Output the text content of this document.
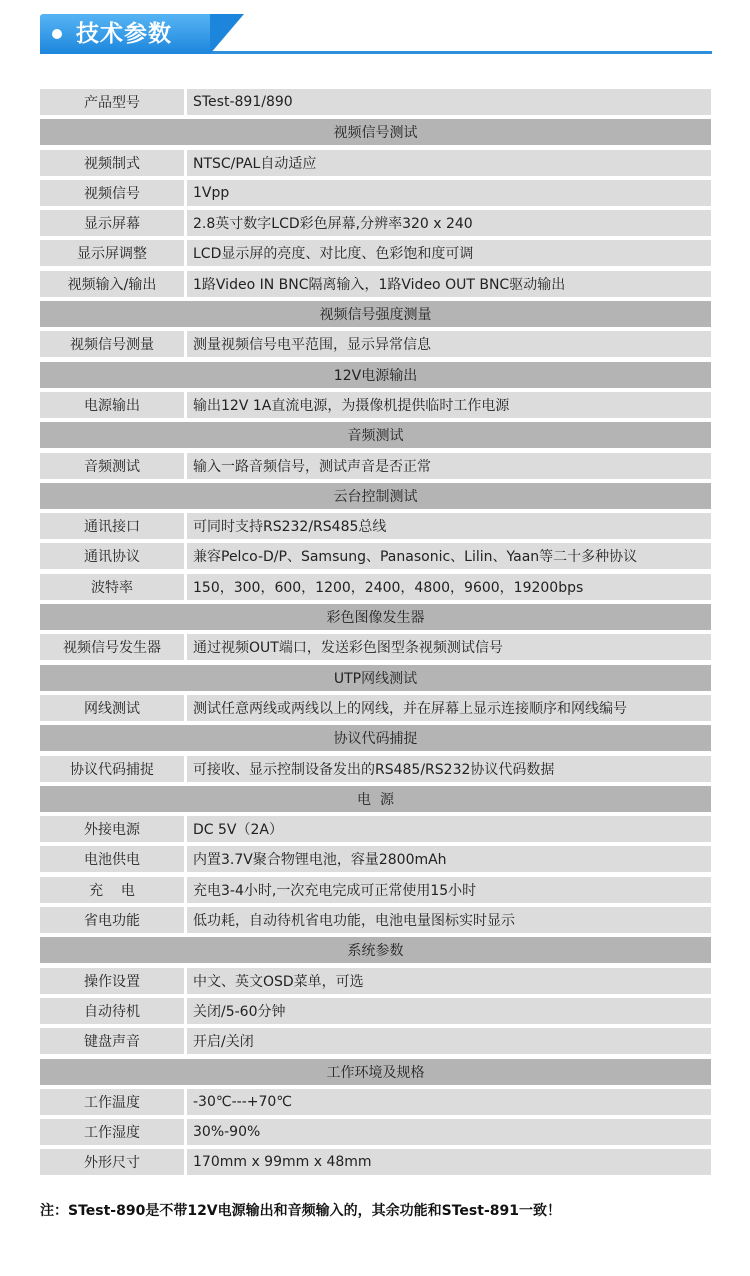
技术参数
产品型号	STest-891/890
视频信号测试
视频制式	NTSC/PAL自动适应
视频信号	1Vpp
显示屏幕	2.8英寸数字LCD彩色屏幕,分辨率320 x 240
显示屏调整	LCD显示屏的亮度、对比度、色彩饱和度可调
视频输入/输出	1路Video IN BNC隔离输入，1路Video OUT BNC驱动输出
视频信号强度测量
视频信号测量	测量视频信号电平范围，显示异常信息
12V电源输出
电源输出	输出12V 1A直流电源，为摄像机提供临时工作电源
音频测试
音频测试	输入一路音频信号，测试声音是否正常
云台控制测试
通讯接口	可同时支持RS232/RS485总线
通讯协议	兼容Pelco-D/P、Samsung、Panasonic、Lilin、Yaan等二十多种协议
波特率	150，300，600，1200，2400，4800，9600，19200bps
彩色图像发生器
视频信号发生器	通过视频OUT端口，发送彩色图型条视频测试信号
UTP网线测试
网线测试	测试任意两线或两线以上的网线，并在屏幕上显示连接顺序和网线编号
协议代码捕捉
协议代码捕捉	可接收、显示控制设备发出的RS485/RS232协议代码数据
电  源
外接电源	DC 5V（2A）
电池供电	内置3.7V聚合物锂电池，容量2800mAh
充    电	充电3-4小时,一次充电完成可正常使用15小时
省电功能	低功耗，自动待机省电功能，电池电量图标实时显示
系统参数
操作设置	中文、英文OSD菜单，可选
自动待机	关闭/5-60分钟
键盘声音	开启/关闭
工作环境及规格
工作温度	-30℃---+70℃
工作湿度	30%-90%
外形尺寸	170mm x 99mm x 48mm
注：STest-890是不带12V电源输出和音频输入的，其余功能和STest-891一致！
